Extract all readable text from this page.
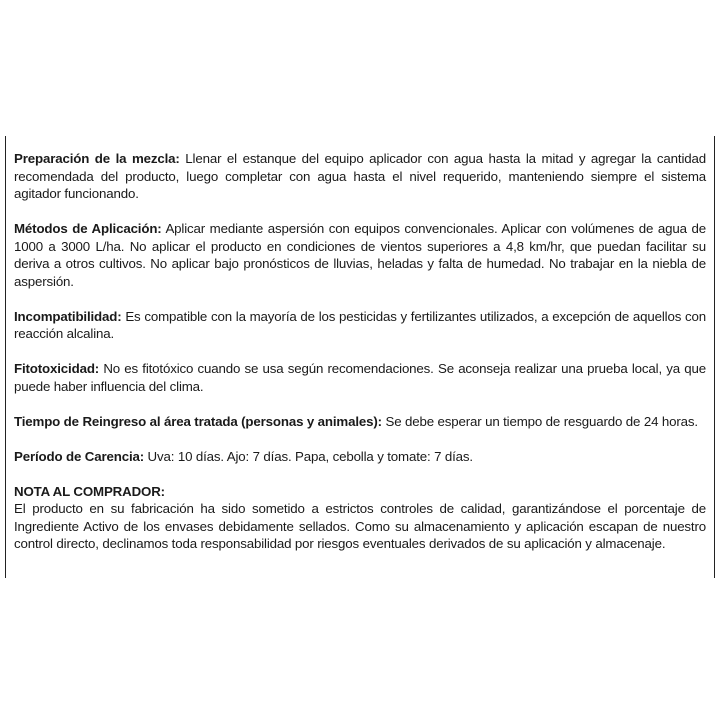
Preparación de la mezcla: Llenar el estanque del equipo aplicador con agua hasta la mitad y agregar la cantidad recomendada del producto, luego completar con agua hasta el nivel requerido, manteniendo siempre el sistema agitador funcionando.

Métodos de Aplicación: Aplicar mediante aspersión con equipos convencionales. Aplicar con volúmenes de agua de 1000 a 3000 L/ha. No aplicar el producto en condiciones de vientos superiores a 4,8 km/hr, que puedan facilitar su deriva a otros cultivos. No aplicar bajo pronósticos de lluvias, heladas y falta de humedad. No trabajar en la niebla de aspersión.

Incompatibilidad: Es compatible con la mayoría de los pesticidas y fertilizantes utilizados, a excepción de aquellos con reacción alcalina.

Fitotoxicidad: No es fitotóxico cuando se usa según recomendaciones. Se aconseja realizar una prueba local, ya que puede haber influencia del clima.

Tiempo de Reingreso al área tratada (personas y animales): Se debe esperar un tiempo de resguardo de 24 horas.

Período de Carencia: Uva: 10 días. Ajo: 7 días. Papa, cebolla y tomate: 7 días.

NOTA AL COMPRADOR:
El producto en su fabricación ha sido sometido a estrictos controles de calidad, garantizándose el porcentaje de Ingrediente Activo de los envases debidamente sellados. Como su almacenamiento y aplicación escapan de nuestro control directo, declinamos toda responsabilidad por riesgos eventuales derivados de su aplicación y almacenaje.
